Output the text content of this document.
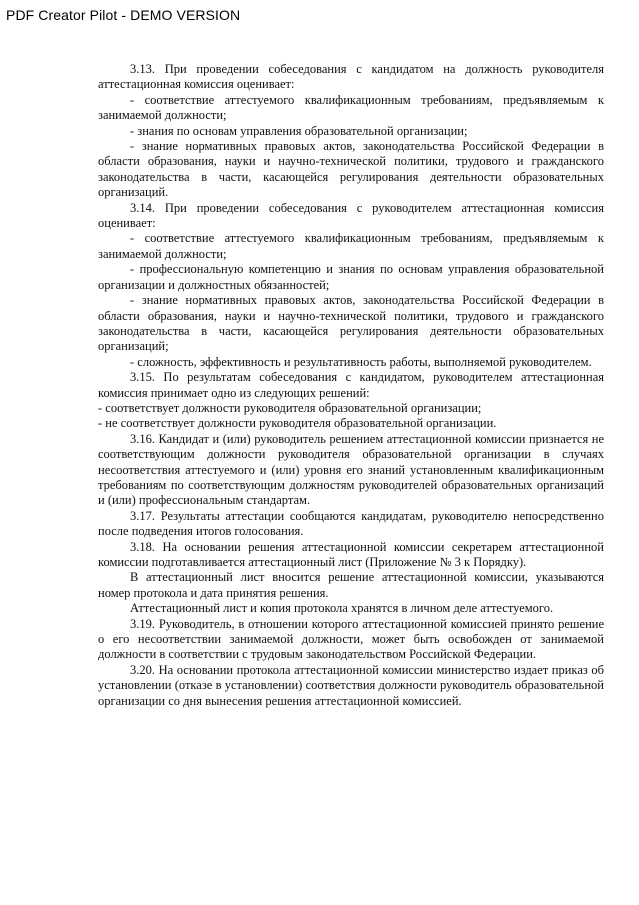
PDF Creator Pilot - DEMO VERSION

3.13. При проведении собеседования с кандидатом на должность руководителя аттестационная комиссия оценивает:

- соответствие аттестуемого квалификационным требованиям, предъявляемым к занимаемой должности;

- знания по основам управления образовательной организации;

- знание нормативных правовых актов, законодательства Российской Федерации в области образования, науки и научно-технической политики, трудового и гражданского законодательства в части, касающейся регулирования деятельности образовательных организаций.

3.14. При проведении собеседования с руководителем аттестационная комиссия оценивает:

- соответствие аттестуемого квалификационным требованиям, предъявляемым к занимаемой должности;

- профессиональную компетенцию и знания по основам управления образовательной организации и должностных обязанностей;

- знание нормативных правовых актов, законодательства Российской Федерации в области образования, науки и научно-технической политики, трудового и гражданского законодательства в части, касающейся регулирования деятельности образовательных организаций;

- сложность, эффективность и результативность работы, выполняемой руководителем.

3.15. По результатам собеседования с кандидатом, руководителем аттестационная комиссия принимает одно из следующих решений:

- соответствует должности руководителя образовательной организации;

- не соответствует должности руководителя образовательной организации.

3.16. Кандидат и (или) руководитель решением аттестационной комиссии признается не соответствующим должности руководителя образовательной организации в случаях несоответствия аттестуемого и (или) уровня его знаний установленным квалификационным требованиям по соответствующим должностям руководителей образовательных организаций и (или) профессиональным стандартам.

3.17. Результаты аттестации сообщаются кандидатам, руководителю непосредственно после подведения итогов голосования.

3.18. На основании решения аттестационной комиссии секретарем аттестационной комиссии подготавливается аттестационный лист (Приложение № 3 к Порядку).

В аттестационный лист вносится решение аттестационной комиссии, указываются номер протокола и дата принятия решения.

Аттестационный лист и копия протокола хранятся в личном деле аттестуемого.

3.19. Руководитель, в отношении которого аттестационной комиссией принято решение о его несоответствии занимаемой должности, может быть освобожден от занимаемой должности в соответствии с трудовым законодательством Российской Федерации.

3.20. На основании протокола аттестационной комиссии министерство издает приказ об установлении (отказе в установлении) соответствия должности руководитель образовательной организации со дня вынесения решения аттестационной комиссией.
